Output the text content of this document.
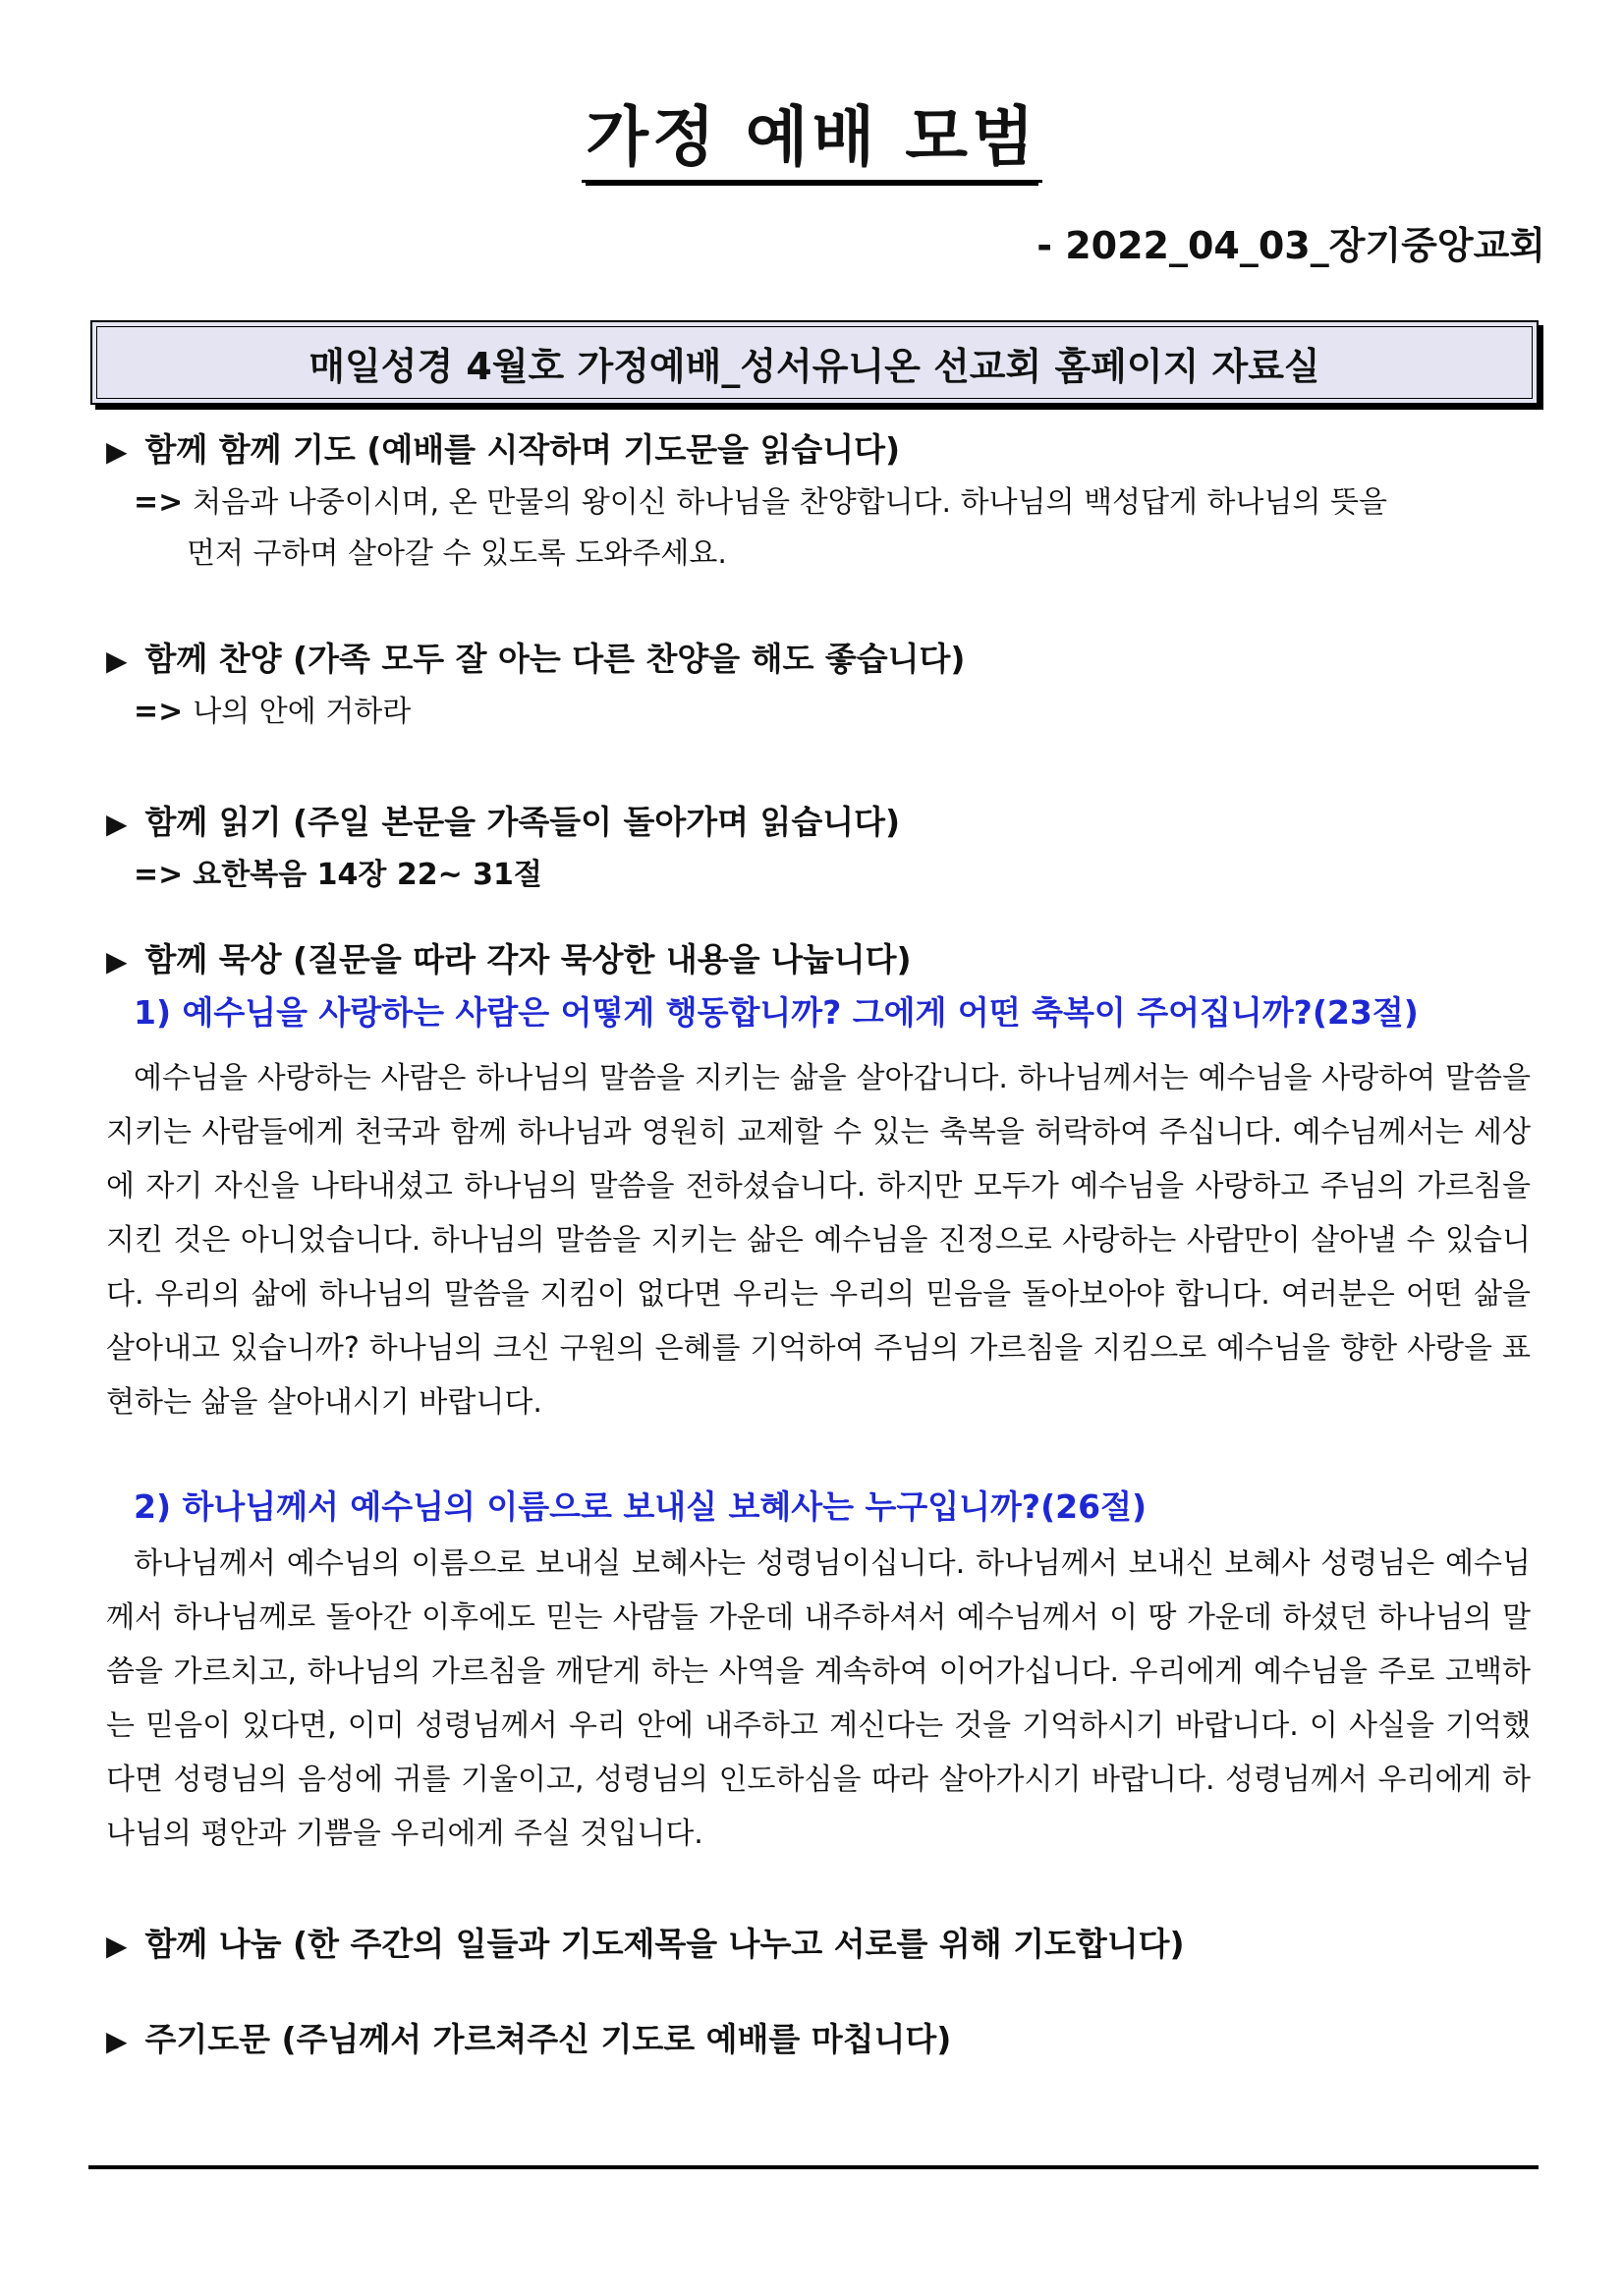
가정 예배 모범
- 2022_04_03_장기중앙교회
매일성경 4월호 가정예배_성서유니온 선교회 홈페이지 자료실
▶ 함께 함께 기도 (예배를 시작하며 기도문을 읽습니다)
=> 처음과 나중이시며, 온 만물의 왕이신 하나님을 찬양합니다. 하나님의 백성답게 하나님의 뜻을
먼저 구하며 살아갈 수 있도록 도와주세요.
▶ 함께 찬양 (가족 모두 잘 아는 다른 찬양을 해도 좋습니다)
=> 나의 안에 거하라
▶ 함께 읽기 (주일 본문을 가족들이 돌아가며 읽습니다)
=> 요한복음 14장 22~ 31절
▶ 함께 묵상 (질문을 따라 각자 묵상한 내용을 나눕니다)
1) 예수님을 사랑하는 사람은 어떻게 행동합니까? 그에게 어떤 축복이 주어집니까?(23절)
예수님을 사랑하는 사람은 하나님의 말씀을 지키는 삶을 살아갑니다. 하나님께서는 예수님을 사랑하여 말씀을 지키는 사람들에게 천국과 함께 하나님과 영원히 교제할 수 있는 축복을 허락하여 주십니다. 예수님께서는 세상에 자기 자신을 나타내셨고 하나님의 말씀을 전하셨습니다. 하지만 모두가 예수님을 사랑하고 주님의 가르침을 지킨 것은 아니었습니다. 하나님의 말씀을 지키는 삶은 예수님을 진정으로 사랑하는 사람만이 살아낼 수 있습니다. 우리의 삶에 하나님의 말씀을 지킴이 없다면 우리는 우리의 믿음을 돌아보아야 합니다. 여러분은 어떤 삶을 살아내고 있습니까? 하나님의 크신 구원의 은혜를 기억하여 주님의 가르침을 지킴으로 예수님을 향한 사랑을 표현하는 삶을 살아내시기 바랍니다.
2) 하나님께서 예수님의 이름으로 보내실 보혜사는 누구입니까?(26절)
하나님께서 예수님의 이름으로 보내실 보혜사는 성령님이십니다. 하나님께서 보내신 보혜사 성령님은 예수님께서 하나님께로 돌아간 이후에도 믿는 사람들 가운데 내주하셔서 예수님께서 이 땅 가운데 하셨던 하나님의 말씀을 가르치고, 하나님의 가르침을 깨닫게 하는 사역을 계속하여 이어가십니다. 우리에게 예수님을 주로 고백하는 믿음이 있다면, 이미 성령님께서 우리 안에 내주하고 계신다는 것을 기억하시기 바랍니다. 이 사실을 기억했다면 성령님의 음성에 귀를 기울이고, 성령님의 인도하심을 따라 살아가시기 바랍니다. 성령님께서 우리에게 하나님의 평안과 기쁨을 우리에게 주실 것입니다.
▶ 함께 나눔 (한 주간의 일들과 기도제목을 나누고 서로를 위해 기도합니다)
▶ 주기도문 (주님께서 가르쳐주신 기도로 예배를 마칩니다)
